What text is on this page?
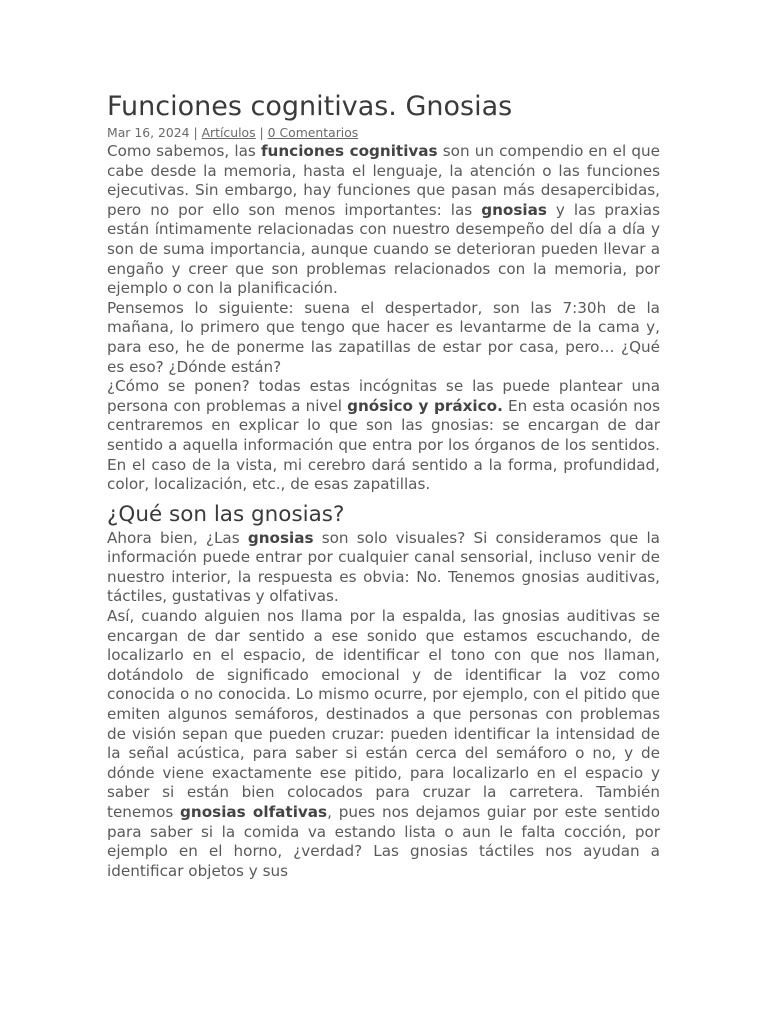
Funciones cognitivas. Gnosias
Mar 16, 2024 | Artículos | 0 Comentarios

Como sabemos, las funciones cognitivas son un compendio en el que cabe desde la memoria, hasta el lenguaje, la atención o las funciones ejecutivas. Sin embargo, hay funciones que pasan más desapercibidas, pero no por ello son menos importantes: las gnosias y las praxias están íntimamente relacionadas con nuestro desempeño del día a día y son de suma importancia, aunque cuando se deterioran pueden llevar a engaño y creer que son problemas relacionados con la memoria, por ejemplo o con la planificación.

Pensemos lo siguiente: suena el despertador, son las 7:30h de la mañana, lo primero que tengo que hacer es levantarme de la cama y, para eso, he de ponerme las zapatillas de estar por casa, pero… ¿Qué es eso? ¿Dónde están?

¿Cómo se ponen? todas estas incógnitas se las puede plantear una persona con problemas a nivel gnósico y práxico. En esta ocasión nos centraremos en explicar lo que son las gnosias: se encargan de dar sentido a aquella información que entra por los órganos de los sentidos. En el caso de la vista, mi cerebro dará sentido a la forma, profundidad, color, localización, etc., de esas zapatillas.

¿Qué son las gnosias?

Ahora bien, ¿Las gnosias son solo visuales? Si consideramos que la información puede entrar por cualquier canal sensorial, incluso venir de nuestro interior, la respuesta es obvia: No. Tenemos gnosias auditivas, táctiles, gustativas y olfativas.

Así, cuando alguien nos llama por la espalda, las gnosias auditivas se encargan de dar sentido a ese sonido que estamos escuchando, de localizarlo en el espacio, de identificar el tono con que nos llaman, dotándolo de significado emocional y de identificar la voz como conocida o no conocida. Lo mismo ocurre, por ejemplo, con el pitido que emiten algunos semáforos, destinados a que personas con problemas de visión sepan que pueden cruzar: pueden identificar la intensidad de la señal acústica, para saber si están cerca del semáforo o no, y de dónde viene exactamente ese pitido, para localizarlo en el espacio y saber si están bien colocados para cruzar la carretera. También tenemos gnosias olfativas, pues nos dejamos guiar por este sentido para saber si la comida va estando lista o aun le falta cocción, por ejemplo en el horno, ¿verdad? Las gnosias táctiles nos ayudan a identificar objetos y sus
